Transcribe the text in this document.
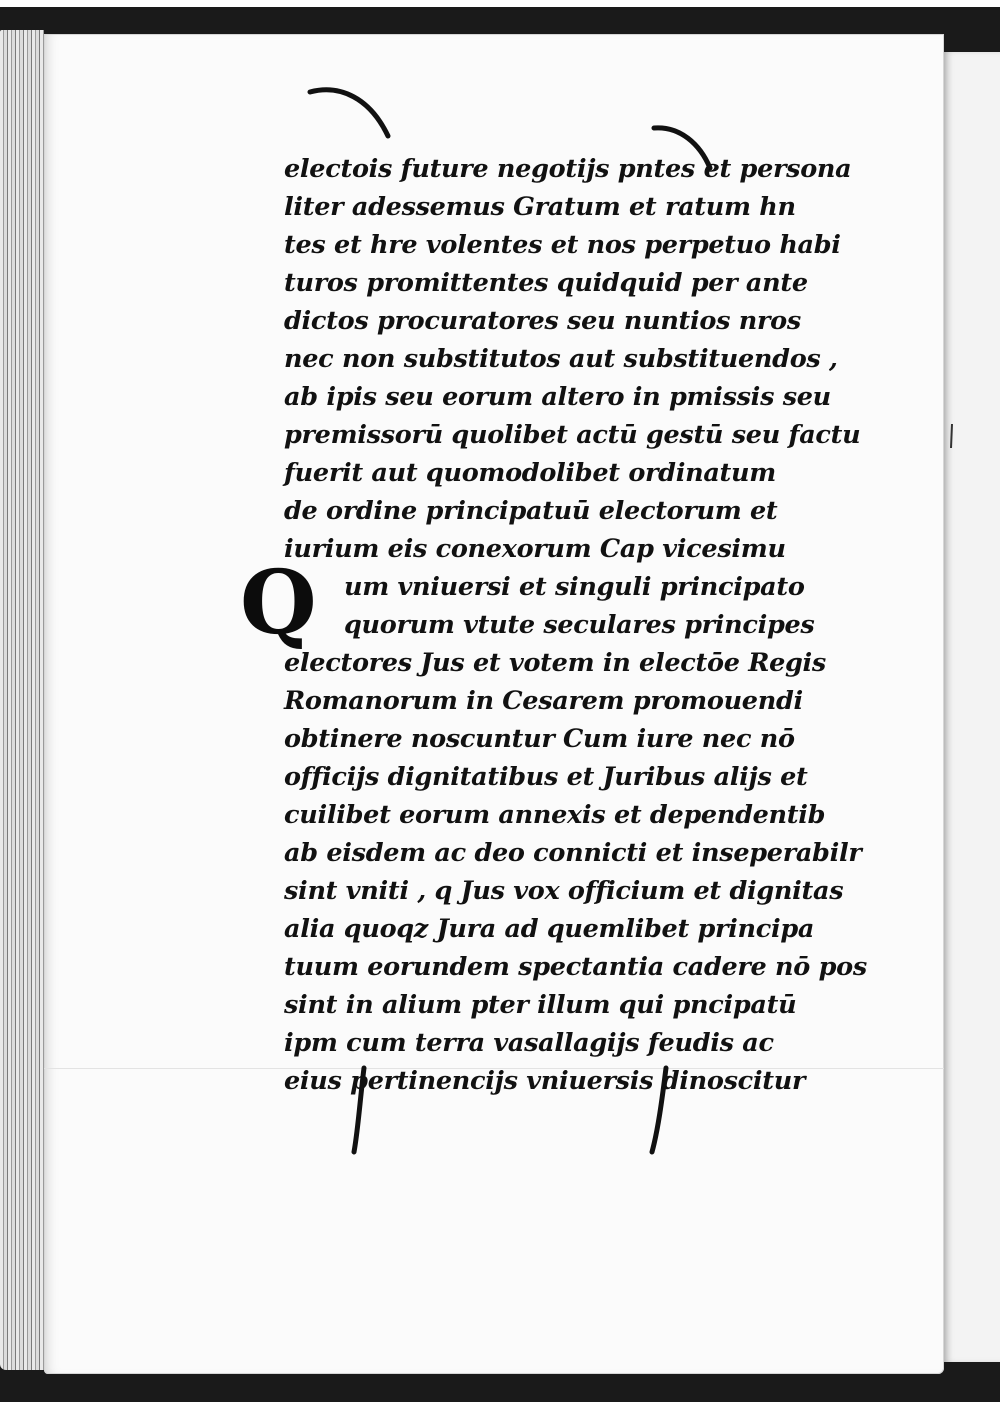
Q
electois future negotijs pntes et persona
liter adessemus Gratum et ratum hn
tes et hre volentes et nos perpetuo habi
turos promittentes quidquid per ante
dictos procuratores seu nuntios nros
nec non substitutos aut substituendos ,
ab ipis seu eorum altero in pmissis seu
premissorū quolibet actū gestū seu factu
fuerit aut quomodolibet ordinatum
de ordine principatuū electorum et
iurium eis conexorum Cap vicesimu
um vniuersi et singuli principato
quorum vtute seculares principes
electores Jus et votem in electōe Regis
Romanorum in Cesarem promouendi
obtinere noscuntur Cum iure nec nō
officijs dignitatibus et Juribus alijs et
cuilibet eorum annexis et dependentib
ab eisdem ac deo connicti et inseperabilr
sint vniti , q Jus vox officium et dignitas
alia quoqz Jura ad quemlibet principa
tuum eorundem spectantia cadere nō pos
sint in alium pter illum qui pncipatū
ipm cum terra vasallagijs feudis ac
eius pertinencijs vniuersis dinoscitur
